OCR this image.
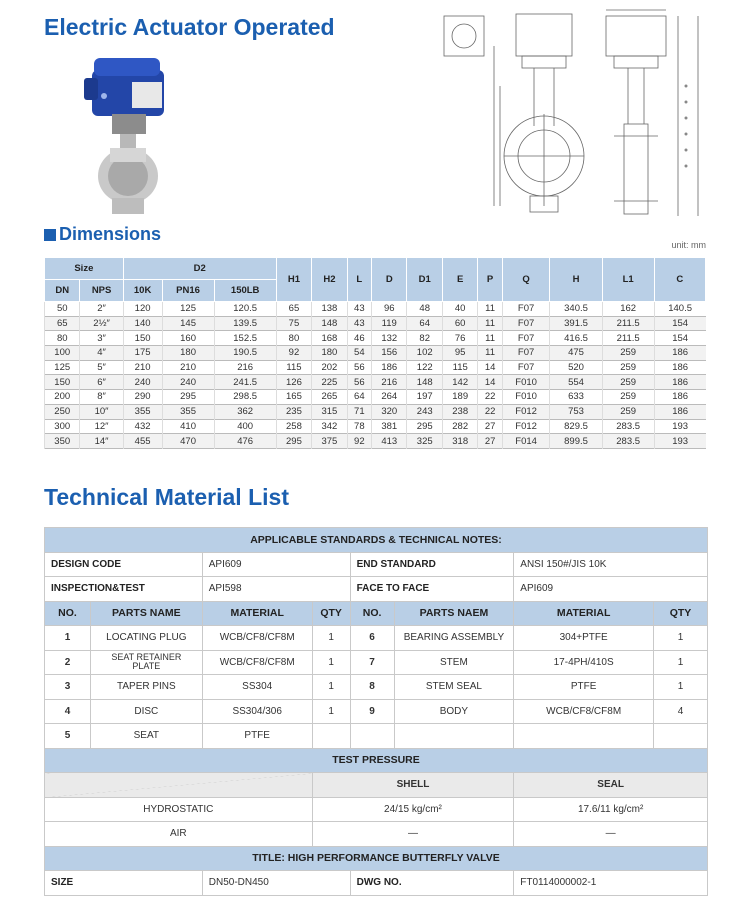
Electric Actuator Operated
Dimensions
unit: mm
Size		D2			H1	H2	L	D	D1	E	P	Q	H	L1	C
DN	NPS	10K	PN16	150LB											
50	2″	120	125	120.5	65	138	43	96	48	40	11	F07	340.5	162	140.5
65	2½″	140	145	139.5	75	148	43	119	64	60	11	F07	391.5	211.5	154
80	3″	150	160	152.5	80	168	46	132	82	76	11	F07	416.5	211.5	154
100	4″	175	180	190.5	92	180	54	156	102	95	11	F07	475	259	186
125	5″	210	210	216	115	202	56	186	122	115	14	F07	520	259	186
150	6″	240	240	241.5	126	225	56	216	148	142	14	F010	554	259	186
200	8″	290	295	298.5	165	265	64	264	197	189	22	F010	633	259	186
250	10″	355	355	362	235	315	71	320	243	238	22	F012	753	259	186
300	12″	432	410	400	258	342	78	381	295	282	27	F012	829.5	283.5	193
350	14″	455	470	476	295	375	92	413	325	318	27	F014	899.5	283.5	193
Technical Material List
APPLICABLE STANDARDS & TECHNICAL NOTES:							
DESIGN CODE		API609		END STANDARD		ANSI 150#/JIS 10K	
INSPECTION&TEST		API598		FACE TO FACE		API609	
NO.	PARTS NAME	MATERIAL	QTY	NO.	PARTS NAEM	MATERIAL	QTY
1	LOCATING PLUG	WCB/CF8/CF8M	1	6	BEARING ASSEMBLY	304+PTFE	1
2	SEAT RETAINER PLATE	WCB/CF8/CF8M	1	7	STEM	17-4PH/410S	1
3	TAPER PINS	SS304	1	8	STEM SEAL	PTFE	1
4	DISC	SS304/306	1	9	BODY	WCB/CF8/CF8M	4
5	SEAT	PTFE					
TEST PRESSURE							
			SHELL			SEAL	
HYDROSTATIC			24/15 kg/cm²			17.6/11 kg/cm²	
AIR			—			—	
TITLE: HIGH PERFORMANCE BUTTERFLY VALVE							
SIZE		DN50-DN450		DWG NO.		FT0114000002-1	
